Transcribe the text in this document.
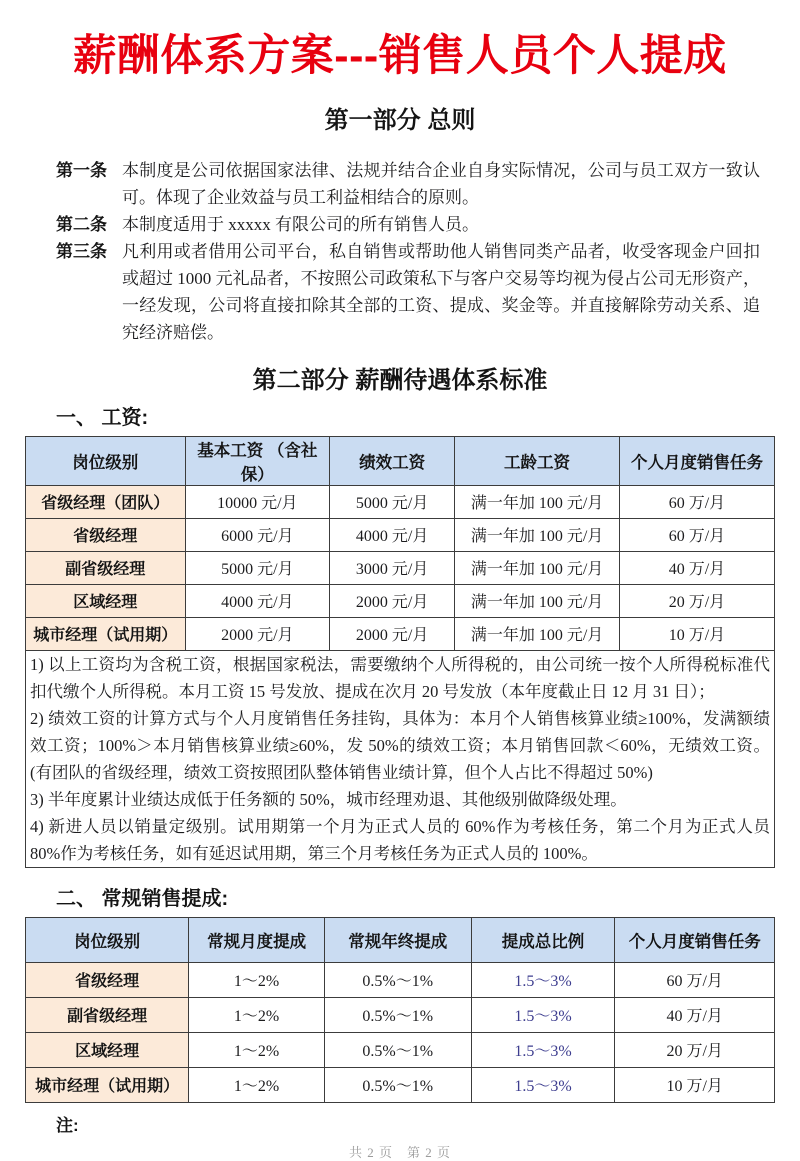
薪酬体系方案---销售人员个人提成
第一部分 总则
第一条 本制度是公司依据国家法律、法规并结合企业自身实际情况，公司与员工双方一致认可。体现了企业效益与员工利益相结合的原则。
第二条 本制度适用于 xxxxx 有限公司的所有销售人员。
第三条 凡利用或者借用公司平台，私自销售或帮助他人销售同类产品者，收受客现金户回扣或超过 1000 元礼品者，不按照公司政策私下与客户交易等均视为侵占公司无形资产，一经发现，公司将直接扣除其全部的工资、提成、奖金等。并直接解除劳动关系、追究经济赔偿。
第二部分 薪酬待遇体系标准
一、 工资:
岗位级别	基本工资 （含社保）	绩效工资	工龄工资	个人月度销售任务
省级经理（团队）	10000 元/月	5000 元/月	满一年加 100 元/月	60 万/月
省级经理	6000 元/月	4000 元/月	满一年加 100 元/月	60 万/月
副省级经理	5000 元/月	3000 元/月	满一年加 100 元/月	40 万/月
区域经理	4000 元/月	2000 元/月	满一年加 100 元/月	20 万/月
城市经理（试用期）	2000 元/月	2000 元/月	满一年加 100 元/月	10 万/月

1) 以上工资均为含税工资，根据国家税法，需要缴纳个人所得税的，由公司统一按个人所得税标准代扣代缴个人所得税。本月工资 15 号发放、提成在次月 20 号发放（本年度截止日 12 月 31 日）；

2) 绩效工资的计算方式与个人月度销售任务挂钩，具体为：本月个人销售核算业绩≥100%，发满额绩效工资；100%＞本月销售核算业绩≥60%，发 50%的绩效工资；本月销售回款＜60%，无绩效工资。(有团队的省级经理，绩效工资按照团队整体销售业绩计算，但个人占比不得超过 50%)

3) 半年度累计业绩达成低于任务额的 50%，城市经理劝退、其他级别做降级处理。

4) 新进人员以销量定级别。试用期第一个月为正式人员的 60%作为考核任务，第二个月为正式人员 80%作为考核任务，如有延迟试用期，第三个月考核任务为正式人员的 100%。				

二、 常规销售提成:
岗位级别	常规月度提成	常规年终提成	提成总比例	个人月度销售任务
省级经理	1～2%	0.5%～1%	1.5～3%	60 万/月
副省级经理	1～2%	0.5%～1%	1.5～3%	40 万/月
区域经理	1～2%	0.5%～1%	1.5～3%	20 万/月
城市经理（试用期）	1～2%	0.5%～1%	1.5～3%	10 万/月
注:
共 2 页　第 2 页
